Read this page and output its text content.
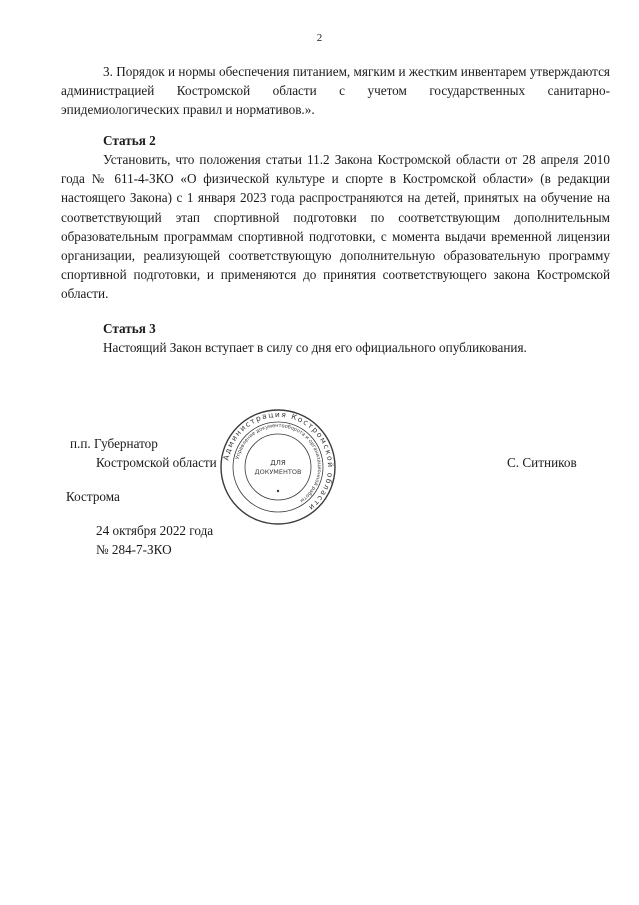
2
3. Порядок и нормы обеспечения питанием, мягким и жестким инвентарем утверждаются администрацией Костромской области с учетом государственных санитарно-эпидемиологических правил и нормативов.».
Статья 2
Установить, что положения статьи 11.2 Закона Костромской области от 28 апреля 2010 года № 611-4-ЗКО «О физической культуре и спорте в Костромской области» (в редакции настоящего Закона) с 1 января 2023 года распространяются на детей, принятых на обучение на соответствующий этап спортивной подготовки по соответствующим дополнительным образовательным программам спортивной подготовки, с момента выдачи временной лицензии организации, реализующей соответствующую дополнительную образовательную программу спортивной подготовки, и применяются до принятия соответствующего закона Костромской области.
Статья 3
Настоящий Закон вступает в силу со дня его официального опубликования.
п.п. Губернатор
Костромской области	С. Ситников
Кострома
24 октября 2022 года
№ 284-7-ЗКО
Администрация Костромской области
Управление документооборота и организационной работы
ДЛЯ
ДОКУМЕНТОВ
